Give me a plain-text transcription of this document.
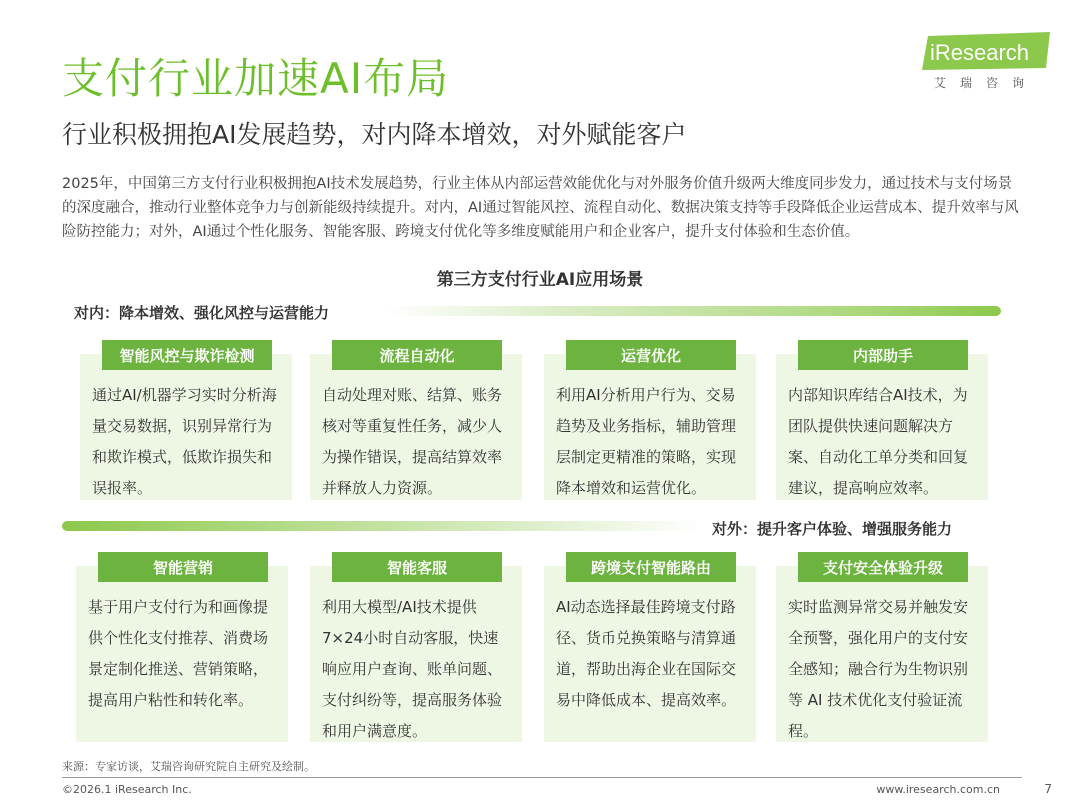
支付行业加速AI布局
iResearch
艾瑞咨询
行业积极拥抱AI发展趋势，对内降本增效，对外赋能客户
2025年，中国第三方支付行业积极拥抱AI技术发展趋势，行业主体从内部运营效能优化与对外服务价值升级两大维度同步发力，通过技术与支付场景的深度融合，推动行业整体竞争力与创新能级持续提升。对内，AI通过智能风控、流程自动化、数据决策支持等手段降低企业运营成本、提升效率与风险防控能力；对外，AI通过个性化服务、智能客服、跨境支付优化等多维度赋能用户和企业客户，提升支付体验和生态价值。
第三方支付行业AI应用场景
对内：降本增效、强化风控与运营能力
智能风控与欺诈检测
通过AI/机器学习实时分析海量交易数据，识别异常行为和欺诈模式，低欺诈损失和误报率。
流程自动化
自动处理对账、结算、账务核对等重复性任务，减少人为操作错误，提高结算效率并释放人力资源。
运营优化
利用AI分析用户行为、交易趋势及业务指标，辅助管理层制定更精准的策略，实现降本增效和运营优化。
内部助手
内部知识库结合AI技术，为团队提供快速问题解决方案、自动化工单分类和回复建议，提高响应效率。
对外：提升客户体验、增强服务能力
智能营销
基于用户支付行为和画像提供个性化支付推荐、消费场景定制化推送、营销策略，提高用户粘性和转化率。
智能客服
利用大模型/AI技术提供7×24小时自动客服，快速响应用户查询、账单问题、支付纠纷等，提高服务体验和用户满意度。
跨境支付智能路由
AI动态选择最佳跨境支付路径、货币兑换策略与清算通道，帮助出海企业在国际交易中降低成本、提高效率。
支付安全体验升级
实时监测异常交易并触发安全预警，强化用户的支付安全感知；融合行为生物识别等 AI 技术优化支付验证流程。
来源：专家访谈，艾瑞咨询研究院自主研究及绘制。
©2026.1 iResearch Inc.	www.iresearch.com.cn	7
